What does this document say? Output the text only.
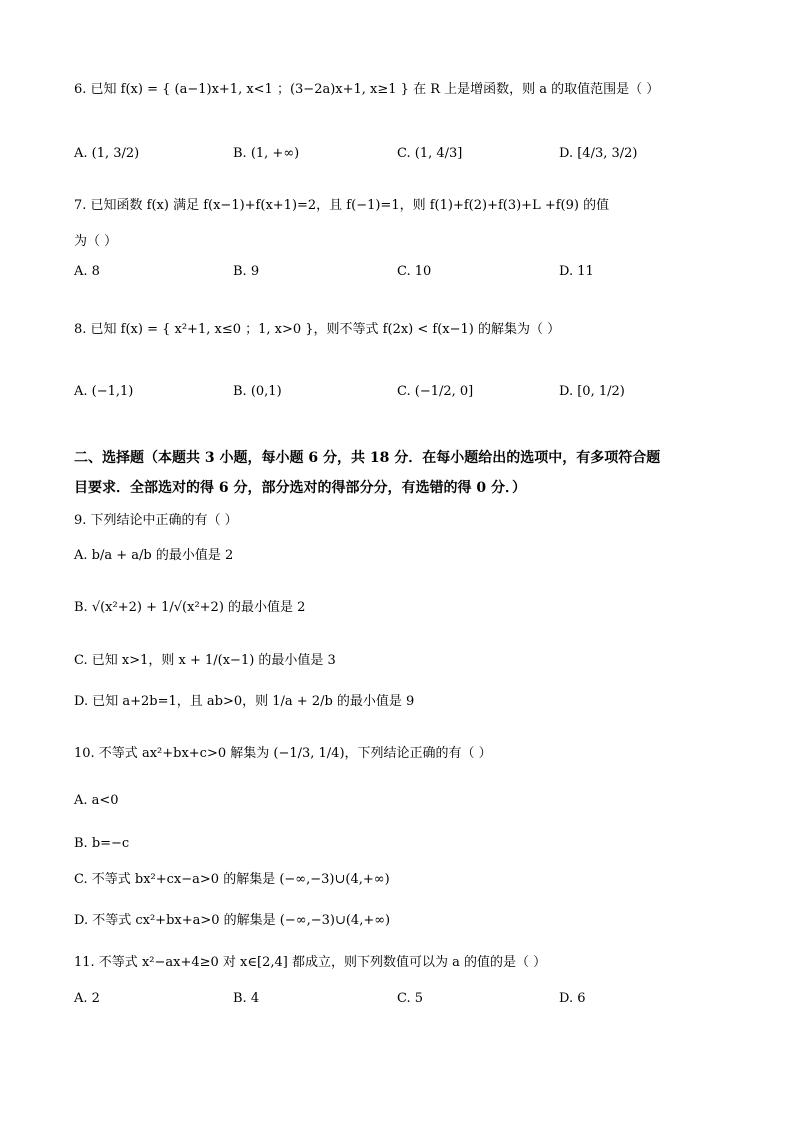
6. 已知 f(x) = { (a−1)x+1, x<1 ；(3−2a)x+1, x≥1 } 在 R 上是增函数，则 a 的取值范围是（ ）
A. (1, 3/2)	B. (1, +∞)	C. (1, 4/3]	D. [4/3, 3/2)
7. 已知函数 f(x) 满足 f(x−1)+f(x+1)=2，且 f(−1)=1，则 f(1)+f(2)+f(3)+L +f(9) 的值
为（ ）
A. 8	B. 9	C. 10	D. 11
8. 已知 f(x) = { x²+1, x≤0 ；1, x>0 }，则不等式 f(2x) < f(x−1) 的解集为（ ）
A. (−1,1)	B. (0,1)	C. (−1/2, 0]	D. [0, 1/2)
二、选择题（本题共 3 小题，每小题 6 分，共 18 分．在每小题给出的选项中，有多项符合题
目要求．全部选对的得 6 分，部分选对的得部分分，有选错的得 0 分．）
9. 下列结论中正确的有（ ）
A. b/a + a/b 的最小值是 2
B. √(x²+2) + 1/√(x²+2) 的最小值是 2
C. 已知 x>1，则 x + 1/(x−1) 的最小值是 3
D. 已知 a+2b=1，且 ab>0，则 1/a + 2/b 的最小值是 9
10. 不等式 ax²+bx+c>0 解集为 (−1/3, 1/4)，下列结论正确的有（ ）
A. a<0
B. b=−c
C. 不等式 bx²+cx−a>0 的解集是 (−∞,−3)∪(4,+∞)
D. 不等式 cx²+bx+a>0 的解集是 (−∞,−3)∪(4,+∞)
11. 不等式 x²−ax+4≥0 对 x∈[2,4] 都成立，则下列数值可以为 a 的值的是（ ）
A. 2	B. 4	C. 5	D. 6
